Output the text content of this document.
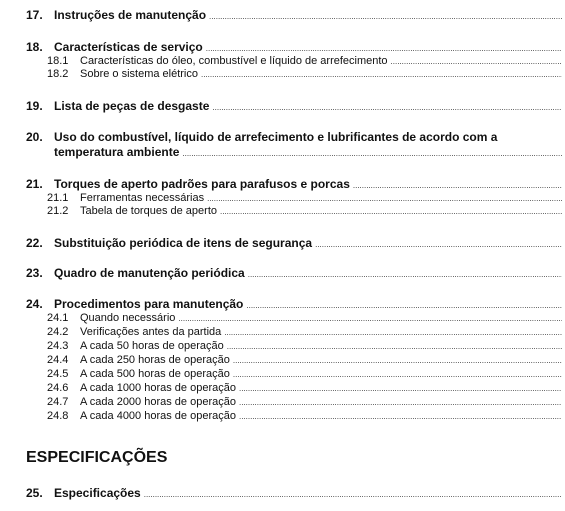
17. Instruções de manutenção
.....
18. Características de serviço
.....
18.1	Características do óleo, combustível e líquido de arrefecimento
.....
18.2	Sobre o sistema elétrico
.....
19. Lista de peças de desgaste
.....
20. Uso do combustível, líquido de arrefecimento e lubrificantes de acordo com a
temperatura ambiente
.....
21. Torques de aperto padrões para parafusos e porcas
.....
21.1	Ferramentas necessárias
.....
21.2	Tabela de torques de aperto
.....
22. Substituição periódica de itens de segurança
.....
23. Quadro de manutenção periódica
.....
24. Procedimentos para manutenção
.....
24.1	Quando necessário
.....
24.2	Verificações antes da partida
.....
24.3	A cada 50 horas de operação
.....
24.4	A cada 250 horas de operação
.....
24.5	A cada 500 horas de operação
.....
24.6	A cada 1000 horas de operação
.....
24.7	A cada 2000 horas de operação
.....
24.8	A cada 4000 horas de operação
.....
ESPECIFICAÇÕES
25. Especificações
.....
